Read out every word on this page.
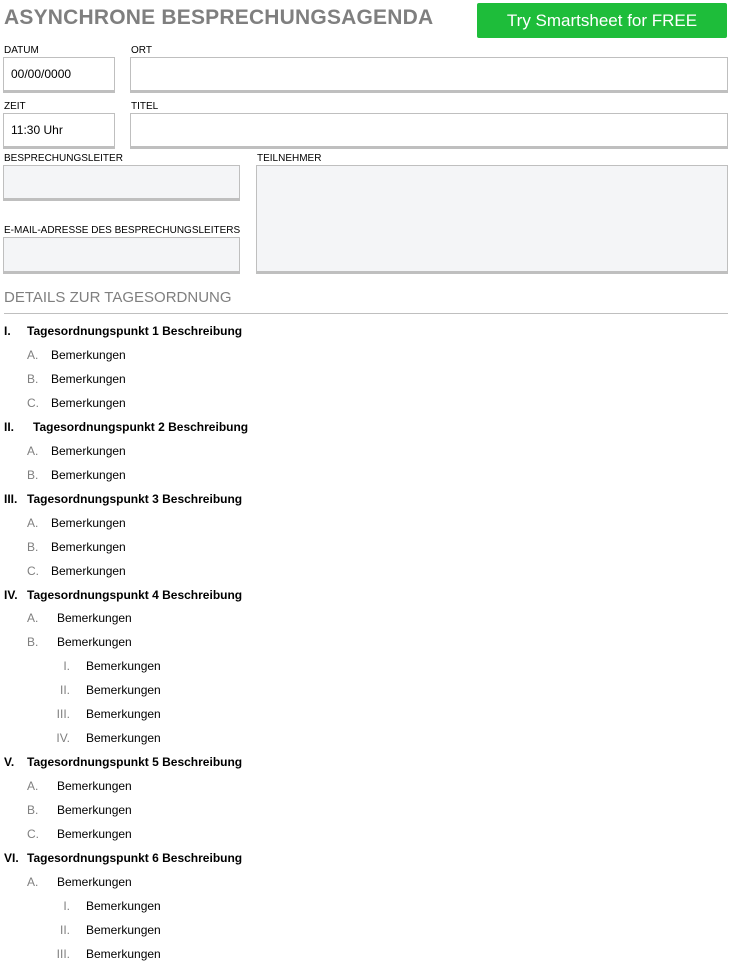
ASYNCHRONE BESPRECHUNGSAGENDA	Try Smartsheet for FREE
DATUM
00/00/0000
ORT
ZEIT
11:30 Uhr
TITEL
BESPRECHUNGSLEITER	TEILNEHMER
E-MAIL-ADRESSE DES BESPRECHUNGSLEITERS
DETAILS ZUR TAGESORDNUNG
I. Tagesordnungspunkt 1 Beschreibung
A. Bemerkungen
B. Bemerkungen
C. Bemerkungen
II. Tagesordnungspunkt 2 Beschreibung
A. Bemerkungen
B. Bemerkungen
III. Tagesordnungspunkt 3 Beschreibung
A. Bemerkungen
B. Bemerkungen
C. Bemerkungen
IV. Tagesordnungspunkt 4 Beschreibung
A. Bemerkungen
B. Bemerkungen
I. Bemerkungen
II. Bemerkungen
III. Bemerkungen
IV. Bemerkungen
V. Tagesordnungspunkt 5 Beschreibung
A. Bemerkungen
B. Bemerkungen
C. Bemerkungen
VI. Tagesordnungspunkt 6 Beschreibung
A. Bemerkungen
I. Bemerkungen
II. Bemerkungen
III. Bemerkungen
